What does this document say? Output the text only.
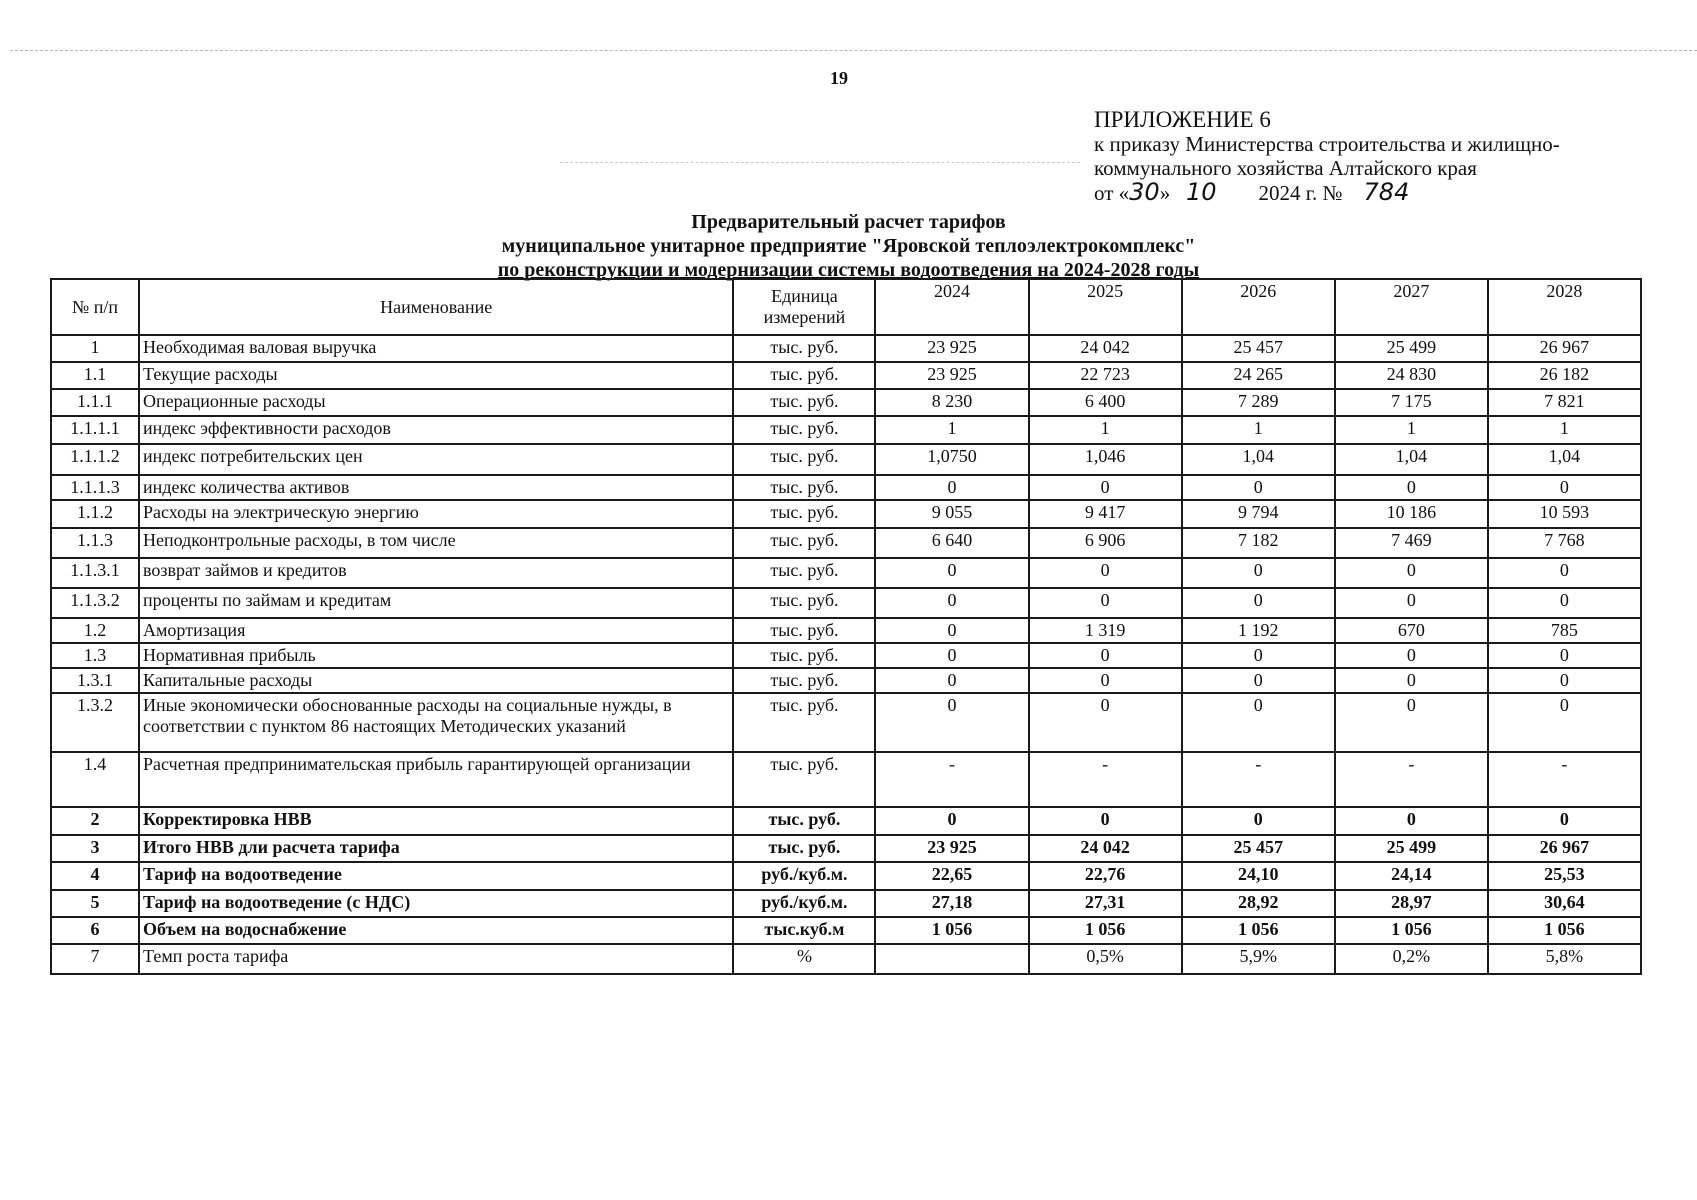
19
ПРИЛОЖЕНИЕ 6
к приказу Министерства строительства и жилищно-
коммунального хозяйства Алтайского края
от «30» 10 2024 г. № 784
Предварительный расчет тарифов
муниципальное унитарное предприятие "Яровской теплоэлектрокомплекс"
по реконструкции и модернизации системы водоотведения на 2024-2028 годы
№ п/п	Наименование	Единица измерений	2024	2025	2026	2027	2028
1	Необходимая валовая выручка	тыс. руб.	23 925	24 042	25 457	25 499	26 967
1.1	Текущие расходы	тыс. руб.	23 925	22 723	24 265	24 830	26 182
1.1.1	Операционные расходы	тыс. руб.	8 230	6 400	7 289	7 175	7 821
1.1.1.1	индекс эффективности расходов	тыс. руб.	1	1	1	1	1
1.1.1.2	индекс потребительских цен	тыс. руб.	1,0750	1,046	1,04	1,04	1,04
1.1.1.3	индекс количества активов	тыс. руб.	0	0	0	0	0
1.1.2	Расходы на электрическую энергию	тыс. руб.	9 055	9 417	9 794	10 186	10 593
1.1.3	Неподконтрольные расходы, в том числе	тыс. руб.	6 640	6 906	7 182	7 469	7 768
1.1.3.1	возврат займов и кредитов	тыс. руб.	0	0	0	0	0
1.1.3.2	проценты по займам и кредитам	тыс. руб.	0	0	0	0	0
1.2	Амортизация	тыс. руб.	0	1 319	1 192	670	785
1.3	Нормативная прибыль	тыс. руб.	0	0	0	0	0
1.3.1	Капитальные расходы	тыс. руб.	0	0	0	0	0
1.3.2	Иные экономически обоснованные расходы на социальные нужды, в соответствии с пунктом 86 настоящих Методических указаний	тыс. руб.	0	0	0	0	0
1.4	Расчетная предпринимательская прибыль гарантирующей организации	тыс. руб.	-	-	-	-	-
2	Корректировка НВВ	тыс. руб.	0	0	0	0	0
3	Итого НВВ дли расчета тарифа	тыс. руб.	23 925	24 042	25 457	25 499	26 967
4	Тариф на водоотведение	руб./куб.м.	22,65	22,76	24,10	24,14	25,53
5	Тариф на водоотведение (с НДС)	руб./куб.м.	27,18	27,31	28,92	28,97	30,64
6	Объем на водоснабжение	тыс.куб.м	1 056	1 056	1 056	1 056	1 056
7	Темп роста тарифа	%		0,5%	5,9%	0,2%	5,8%
